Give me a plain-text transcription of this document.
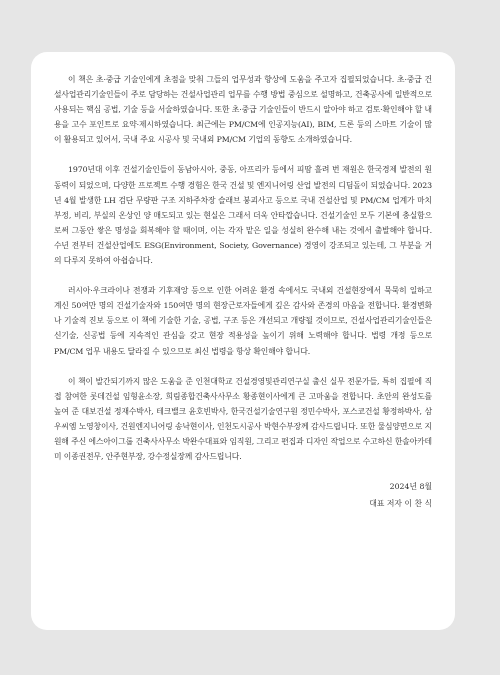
이 책은 초·중급 기술인에게 초점을 맞춰 그들의 업무성과 향상에 도움을 주고자 집필되었습니다. 초·중급 건설사업관리기술인들이 주로 담당하는 건설사업관리 업무를 수행 방법 중심으로 설명하고, 건축공사에 일반적으로 사용되는 핵심 공법, 기술 등을 서술하였습니다. 또한 초·중급 기술인들이 반드시 알아야 하고 검토·확인해야 할 내용을 고수 포인트로 요약·제시하였습니다. 최근에는 PM/CM에 인공지능(AI), BIM, 드론 등의 스마트 기술이 많이 활용되고 있어서, 국내 주요 시공사 및 국내외 PM/CM 기업의 동향도 소개하였습니다.

1970년대 이후 건설기술인들이 동남아시아, 중동, 아프리카 등에서 피땀 흘려 번 재원은 한국경제 발전의 원동력이 되었으며, 다양한 프로젝트 수행 경험은 한국 건설 및 엔지니어링 산업 발전의 디딤돌이 되었습니다. 2023년 4월 발생한 LH 검단 무량판 구조 지하주차장 슬래브 붕괴사고 등으로 국내 건설산업 및 PM/CM 업계가 마치 부정, 비리, 부실의 온상인 양 매도되고 있는 현실은 그래서 더욱 안타깝습니다. 건설기술인 모두 기본에 충실함으로써 그동안 쌓은 명성을 회복해야 할 때이며, 이는 각자 맡은 일을 성실히 완수해 내는 것에서 출발해야 합니다. 수년 전부터 건설산업에도 ESG(Environment, Society, Governance) 경영이 강조되고 있는데, 그 부분을 거의 다루지 못하여 아쉽습니다.

러시아·우크라이나 전쟁과 기후재앙 등으로 인한 어려운 환경 속에서도 국내외 건설현장에서 묵묵히 일하고 계신 50여만 명의 건설기술자와 150여만 명의 현장근로자들에게 깊은 감사와 존경의 마음을 전합니다. 환경변화나 기술적 진보 등으로 이 책에 기술한 기술, 공법, 구조 등은 개선되고 개량될 것이므로, 건설사업관리기술인들은 신기술, 신공법 등에 지속적인 관심을 갖고 현장 적용성을 높이기 위해 노력해야 합니다. 법령 개정 등으로 PM/CM 업무 내용도 달라질 수 있으므로 최신 법령을 항상 확인해야 합니다.

이 책이 발간되기까지 많은 도움을 준 인천대학교 건설경영및관리연구실 출신 실무 전문가들, 특히 집필에 직접 참여한 롯데건설 임형윤소장, 희림종합건축사사무소 황종현이사에게 큰 고마움을 전합니다. 초안의 완성도를 높여 준 대보건설 정재수박사, 테크밸크 윤호빈박사, 한국건설기술연구원 정민수박사, 포스코건설 황정하박사, 삼우씨엠 노영창이사, 건원엔지니어링 송낙현이사, 인천도시공사 박현수부장께 감사드립니다. 또한 물심양면으로 지원해 주신 에스아이그룹 건축사사무소 박완수대표와 임직원, 그리고 편집과 디자인 작업으로 수고하신 한솔아카데미 이종권전무, 안주현부장, 강수정실장께 감사드립니다.

2024년 8월
대표 저자 이 찬 식
